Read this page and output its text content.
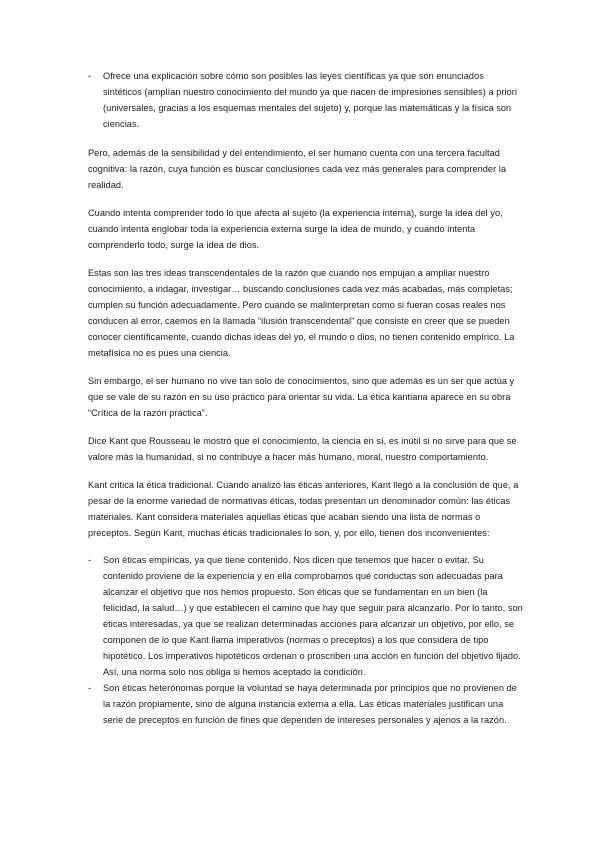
- Ofrece una explicación sobre cómo son posibles las leyes científicas ya que son enunciados sintéticos (amplían nuestro conocimiento del mundo ya que nacen de impresiones sensibles) a priori (universales, gracias a los esquemas mentales del sujeto) y, porque las matemáticas y la física son ciencias.

Pero, además de la sensibilidad y del entendimiento, el ser humano cuenta con una tercera facultad cognitiva: la razón, cuya función es buscar conclusiones cada vez más generales para comprender la realidad.

Cuando intenta comprender todo lo que afecta al sujeto (la experiencia interna), surge la idea del yo, cuando intenta englobar toda la experiencia externa surge la idea de mundo, y cuando intenta comprenderlo todo, surge la idea de dios.

Estas son las tres ideas transcendentales de la razón que cuando nos empujan a ampliar nuestro conocimiento, a indagar, investigar… buscando conclusiones cada vez más acabadas, más completas; cumplen su función adecuadamente. Pero cuando se malinterpretan como si fueran cosas reales nos conducen al error, caemos en la llamada “ilusión transcendental” que consiste en creer que se pueden conocer científicamente, cuando dichas ideas del yo, el mundo o dios, no tienen contenido empírico. La metafísica no es pues una ciencia.

Sin embargo, el ser humano no vive tan solo de conocimientos, sino que además es un ser que actúa y que se vale de su razón en su uso práctico para orientar su vida. La ética kantiana aparece en su obra “Crítica de la razón práctica”.

Dice Kant que Rousseau le mostró que el conocimiento, la ciencia en sí, es inútil si no sirve para que se valore más la humanidad, si no contribuye a hacer más humano, moral, nuestro comportamiento.

Kant critica la ética tradicional. Cuando analizó las éticas anteriores, Kant llegó a la conclusión de que, a pesar de la enorme variedad de normativas éticas, todas presentan un denominador común: las éticas materiales. Kant considera materiales aquellas éticas que acaban siendo una lista de normas o preceptos. Según Kant, muchas éticas tradicionales lo son, y, por ello, tienen dos inconvenientes:

- Son éticas empíricas, ya que tiene contenido. Nos dicen que tenemos que hacer o evitar. Su contenido proviene de la experiencia y en ella comprobamos qué conductas son adecuadas para alcanzar el objetivo que nos hemos propuesto. Son éticas que se fundamentan en un bien (la felicidad, la salud…) y que establecen el camino que hay que seguir para alcanzarlo. Por lo tanto, son éticas interesadas, ya que se realizan determinadas acciones para alcanzar un objetivo, por ello, se componen de lo que Kant llama imperativos (normas o preceptos) a los que considera de tipo hipotético. Los imperativos hipotéticos ordenan o proscriben una acción en función del objetivo fijado. Así, una norma solo nos obliga si hemos aceptado la condición.

- Son éticas heterónomas porque la voluntad se haya determinada por principios que no provienen de la razón propiamente, sino de alguna instancia externa a ella. Las éticas materiales justifican una serie de preceptos en función de fines que dependen de intereses personales y ajenos a la razón.
